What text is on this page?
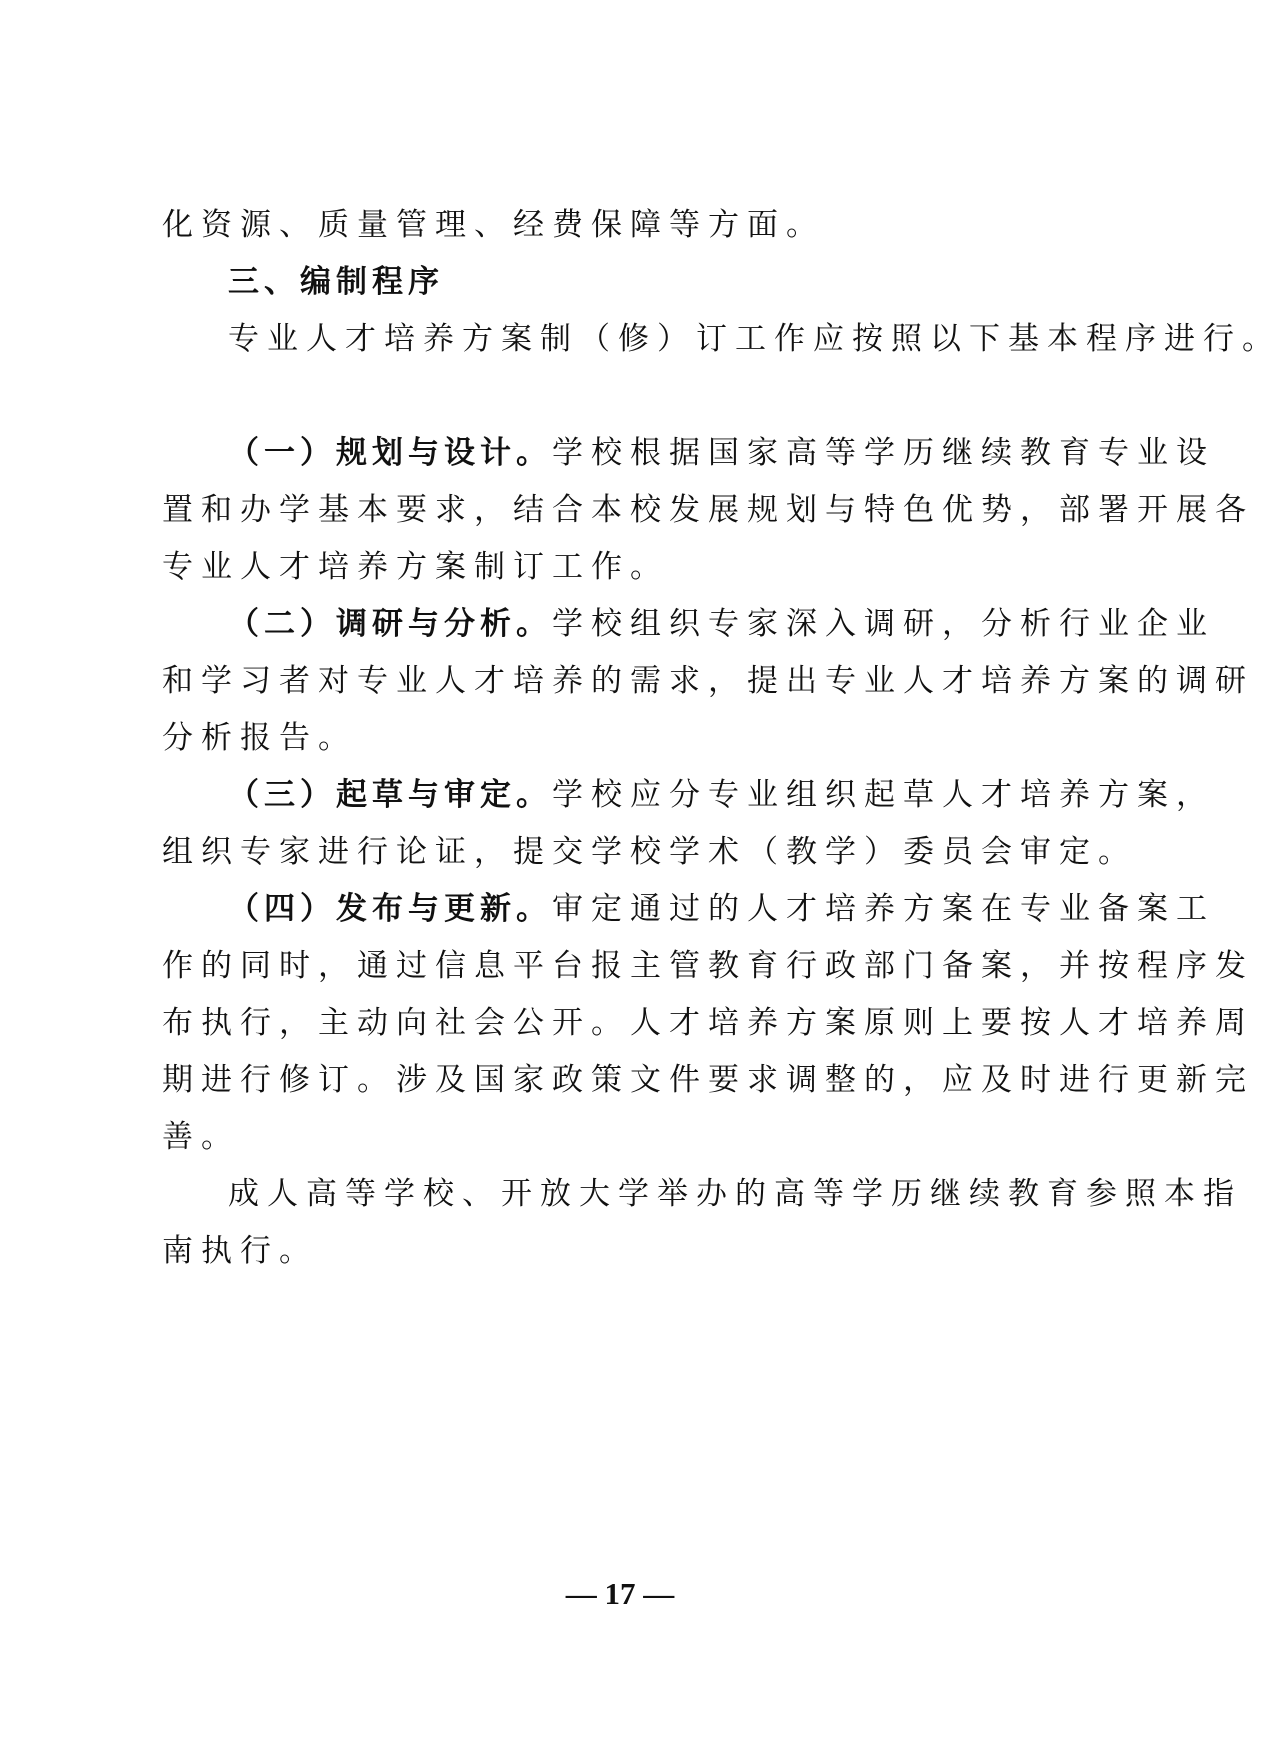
化资源、质量管理、经费保障等方面。
三、编制程序
专业人才培养方案制（修）订工作应按照以下基本程序进行。
（一）规划与设计。学校根据国家高等学历继续教育专业设
置和办学基本要求，结合本校发展规划与特色优势，部署开展各
专业人才培养方案制订工作。
（二）调研与分析。学校组织专家深入调研，分析行业企业
和学习者对专业人才培养的需求，提出专业人才培养方案的调研
分析报告。
（三）起草与审定。学校应分专业组织起草人才培养方案，
组织专家进行论证，提交学校学术（教学）委员会审定。
（四）发布与更新。审定通过的人才培养方案在专业备案工
作的同时，通过信息平台报主管教育行政部门备案，并按程序发
布执行，主动向社会公开。人才培养方案原则上要按人才培养周
期进行修订。涉及国家政策文件要求调整的，应及时进行更新完
善。
成人高等学校、开放大学举办的高等学历继续教育参照本指
南执行。
— 17 —
